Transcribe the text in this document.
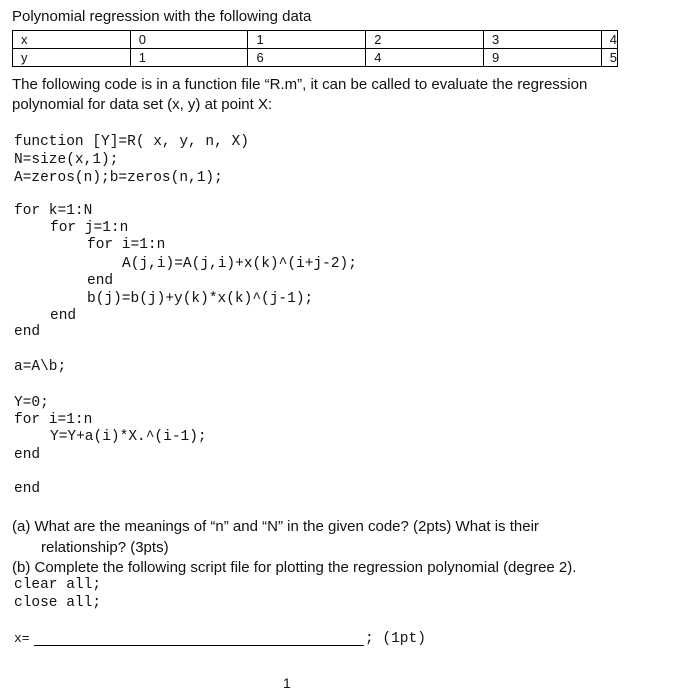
Polynomial regression with the following data
x	0	1	2	3	4
y	1	6	4	9	5
The following code is in a function file “R.m”, it can be called to evaluate the regression
polynomial for data set (x, y) at point X:
function [Y]=R( x, y, n, X)
N=size(x,1);
A=zeros(n);b=zeros(n,1);
for k=1:N
for j=1:n
for i=1:n
A(j,i)=A(j,i)+x(k)^(i+j-2);
end
b(j)=b(j)+y(k)*x(k)^(j-1);
end
end
a=A\b;
Y=0;
for i=1:n
Y=Y+a(i)*X.^(i-1);
end
end
(a) What are the meanings of “n” and “N” in the given code? (2pts) What is their
relationship? (3pts)
(b) Complete the following script file for plotting the regression polynomial (degree 2).
clear all;
close all;
x=	; (1pt)
1
